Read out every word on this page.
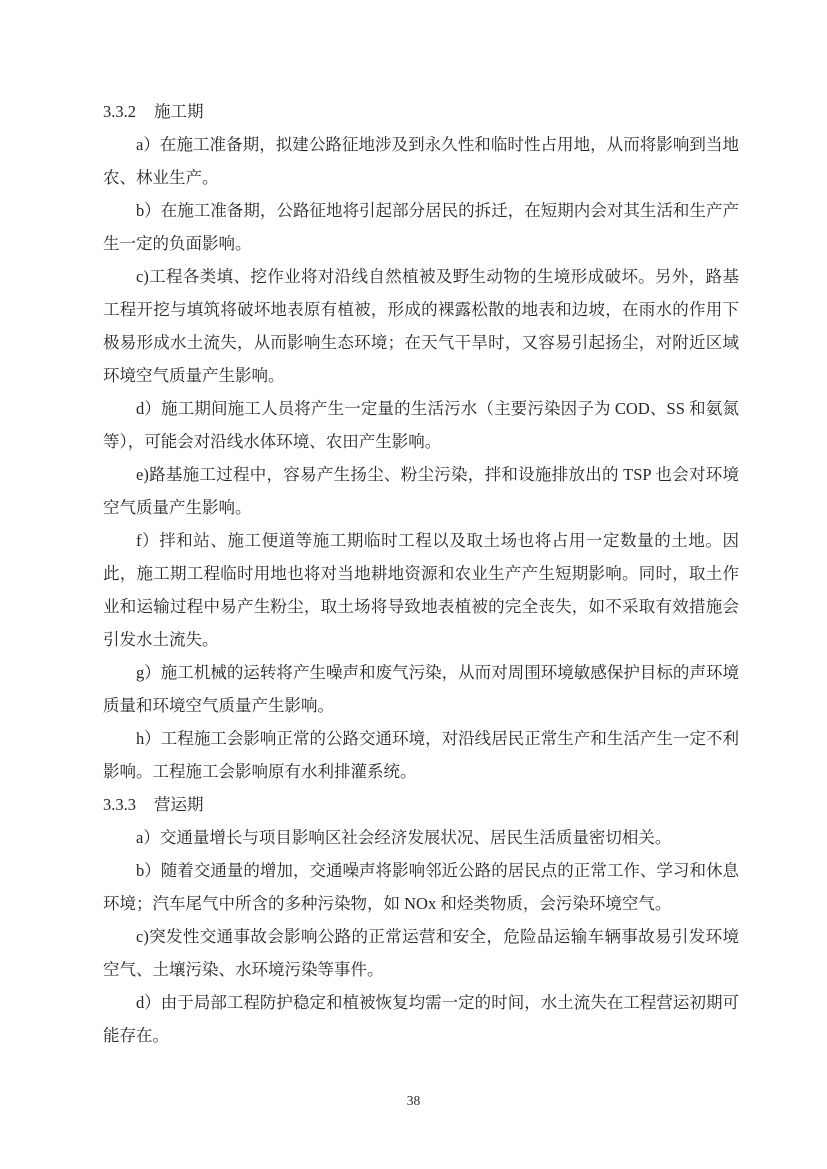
3.3.2 施工期

a）在施工准备期，拟建公路征地涉及到永久性和临时性占用地，从而将影响到当地农、林业生产。

b）在施工准备期，公路征地将引起部分居民的拆迁，在短期内会对其生活和生产产生一定的负面影响。

c)工程各类填、挖作业将对沿线自然植被及野生动物的生境形成破坏。另外，路基工程开挖与填筑将破坏地表原有植被，形成的裸露松散的地表和边坡，在雨水的作用下极易形成水土流失，从而影响生态环境；在天气干旱时，又容易引起扬尘，对附近区域环境空气质量产生影响。

d）施工期间施工人员将产生一定量的生活污水（主要污染因子为 COD、SS 和氨氮等），可能会对沿线水体环境、农田产生影响。

e)路基施工过程中，容易产生扬尘、粉尘污染，拌和设施排放出的 TSP 也会对环境空气质量产生影响。

f）拌和站、施工便道等施工期临时工程以及取土场也将占用一定数量的土地。因此，施工期工程临时用地也将对当地耕地资源和农业生产产生短期影响。同时，取土作业和运输过程中易产生粉尘，取土场将导致地表植被的完全丧失，如不采取有效措施会引发水土流失。

g）施工机械的运转将产生噪声和废气污染，从而对周围环境敏感保护目标的声环境质量和环境空气质量产生影响。

h）工程施工会影响正常的公路交通环境，对沿线居民正常生产和生活产生一定不利影响。工程施工会影响原有水利排灌系统。

3.3.3 营运期

a）交通量增长与项目影响区社会经济发展状况、居民生活质量密切相关。

b）随着交通量的增加，交通噪声将影响邻近公路的居民点的正常工作、学习和休息环境；汽车尾气中所含的多种污染物，如 NOx 和烃类物质，会污染环境空气。

c)突发性交通事故会影响公路的正常运营和安全，危险品运输车辆事故易引发环境空气、土壤污染、水环境污染等事件。

d）由于局部工程防护稳定和植被恢复均需一定的时间，水土流失在工程营运初期可能存在。

38
